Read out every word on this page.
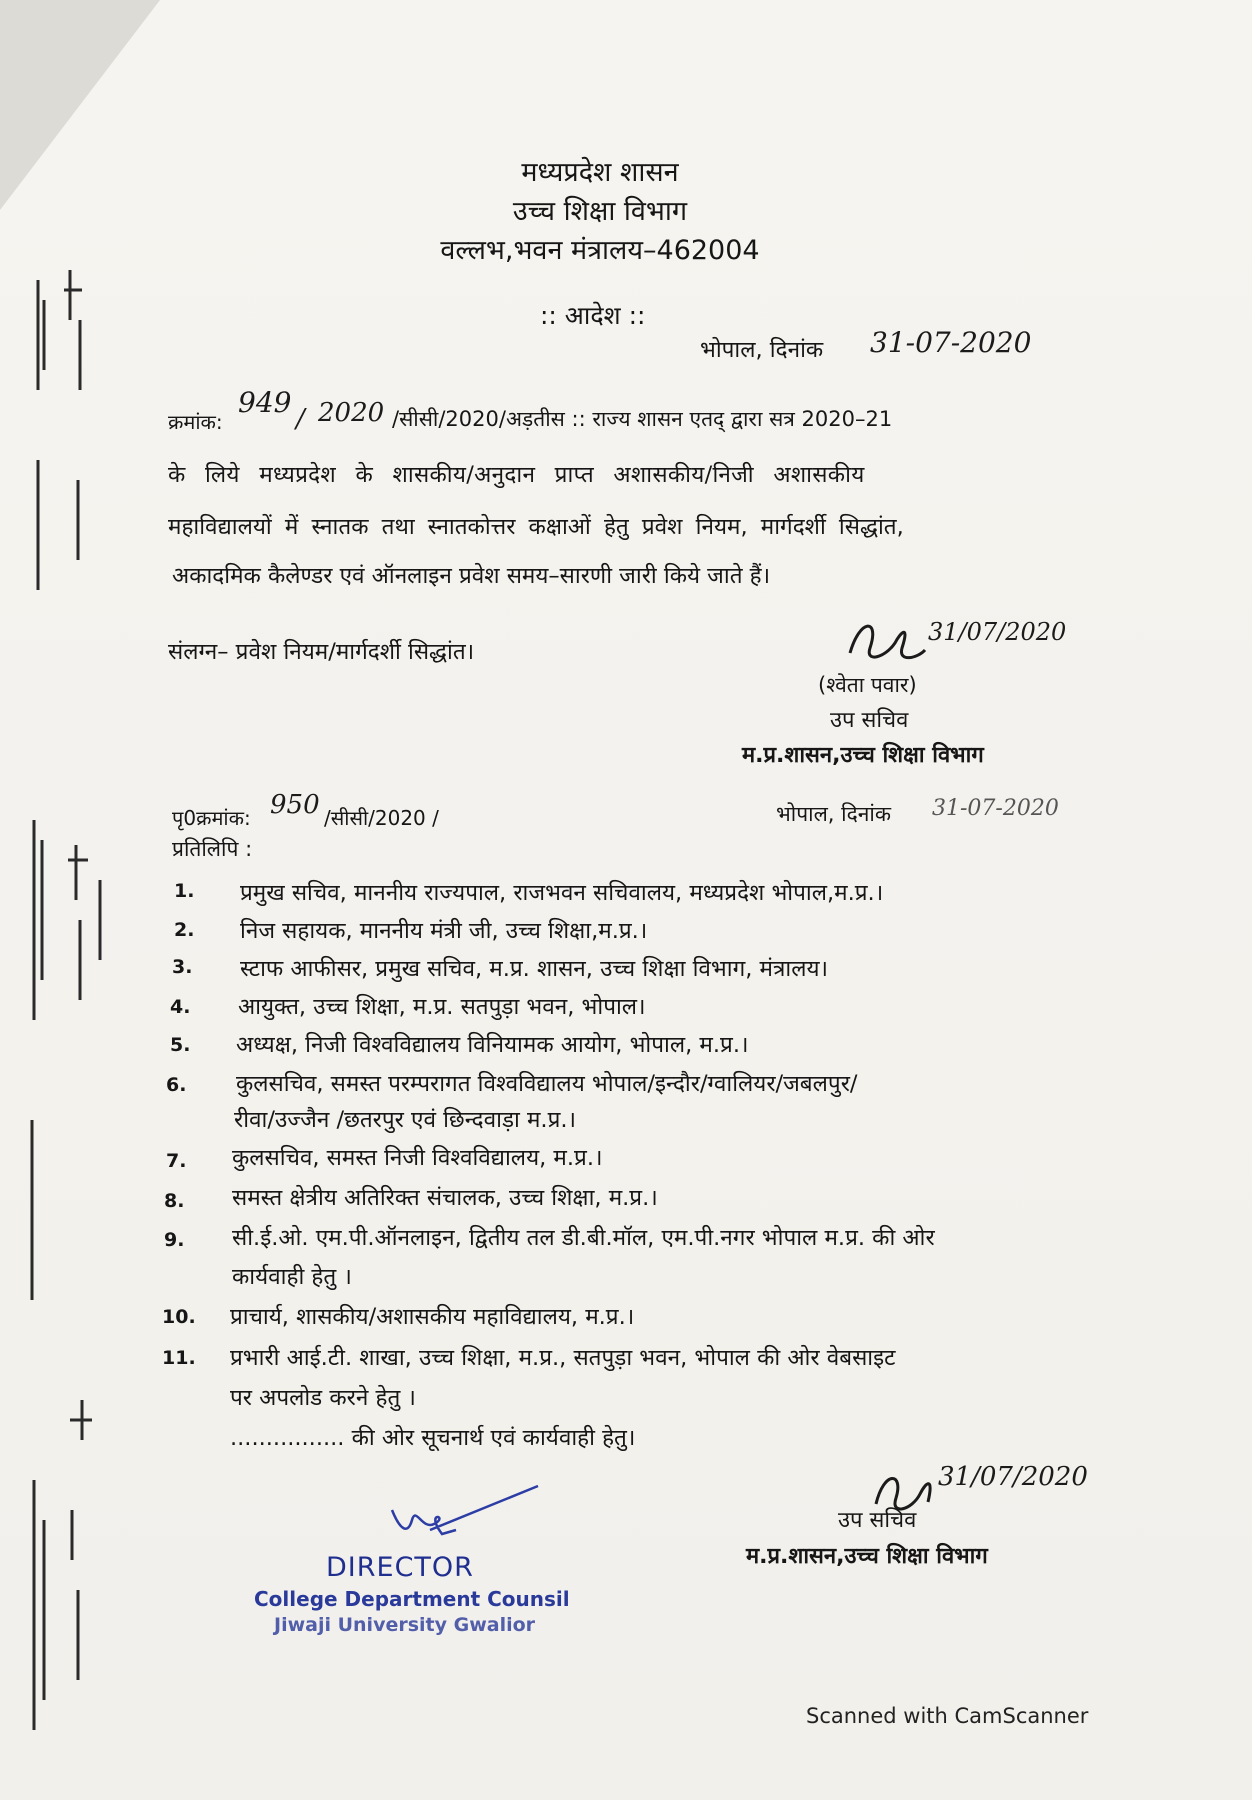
मध्यप्रदेश शासन
उच्च शिक्षा विभाग
वल्लभ,भवन मंत्रालय–462004
:: आदेश ::
भोपाल, दिनांक 31-07-2020
क्रमांक:
949 / 2020 /सीसी/2020/अड़तीस :: राज्य शासन एतद् द्वारा सत्र 2020–21
के लिये मध्यप्रदेश के शासकीय/अनुदान प्राप्त अशासकीय/निजी अशासकीय
महाविद्यालयों में स्नातक तथा स्नातकोत्तर कक्षाओं हेतु प्रवेश नियम, मार्गदर्शी सिद्धांत,
अकादमिक कैलेण्डर एवं ऑनलाइन प्रवेश समय–सारणी जारी किये जाते हैं।
संलग्न– प्रवेश नियम/मार्गदर्शी सिद्धांत।
31/07/2020
(श्वेता पवार)
उप सचिव
म.प्र.शासन,उच्च शिक्षा विभाग
पृ0क्रमांक: 950 /सीसी/2020 /	भोपाल, दिनांक 31-07-2020
प्रतिलिपि :
1. प्रमुख सचिव, माननीय राज्यपाल, राजभवन सचिवालय, मध्यप्रदेश भोपाल,म.प्र.।
2. निज सहायक, माननीय मंत्री जी, उच्च शिक्षा,म.प्र.।
3. स्टाफ आफीसर, प्रमुख सचिव, म.प्र. शासन, उच्च शिक्षा विभाग, मंत्रालय।
4. आयुक्त, उच्च शिक्षा, म.प्र. सतपुड़ा भवन, भोपाल।
5. अध्यक्ष, निजी विश्वविद्यालय विनियामक आयोग, भोपाल, म.प्र.।
6. कुलसचिव, समस्त परम्परागत विश्वविद्यालय भोपाल/इन्दौर/ग्वालियर/जबलपुर/
रीवा/उज्जैन /छतरपुर एवं छिन्दवाड़ा म.प्र.।
7. कुलसचिव, समस्त निजी विश्वविद्यालय, म.प्र.।
8. समस्त क्षेत्रीय अतिरिक्त संचालक, उच्च शिक्षा, म.प्र.।
9. सी.ई.ओ. एम.पी.ऑनलाइन, द्वितीय तल डी.बी.मॉल, एम.पी.नगर भोपाल म.प्र. की ओर
कार्यवाही हेतु ।
10. प्राचार्य, शासकीय/अशासकीय महाविद्यालय, म.प्र.।
11. प्रभारी आई.टी. शाखा, उच्च शिक्षा, म.प्र., सतपुड़ा भवन, भोपाल की ओर वेबसाइट
पर अपलोड करने हेतु ।
................ की ओर सूचनार्थ एवं कार्यवाही हेतु।
DIRECTOR
College Department Counsil
Jiwaji University Gwalior
31/07/2020
उप सचिव
म.प्र.शासन,उच्च शिक्षा विभाग
Scanned with CamScanner
